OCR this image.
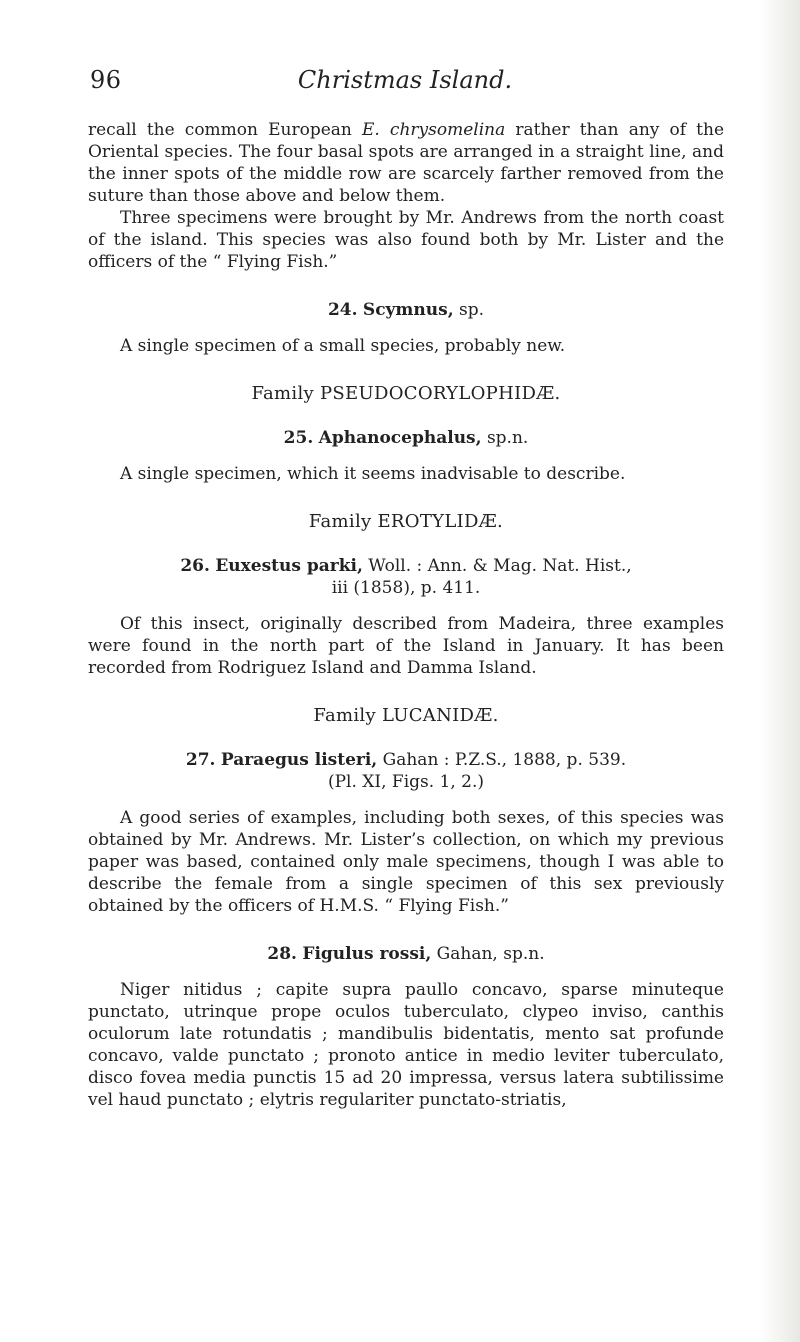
96	Christmas Island.

recall the common European E. chrysomelina rather than any of the Oriental species. The four basal spots are arranged in a straight line, and the inner spots of the middle row are scarcely farther removed from the suture than those above and below them.

Three specimens were brought by Mr. Andrews from the north coast of the island. This species was also found both by Mr. Lister and the officers of the “ Flying Fish.”

24. Scymnus, sp.

A single specimen of a small species, probably new.

Family PSEUDOCORYLOPHIDÆ.

25. Aphanocephalus, sp.n.

A single specimen, which it seems inadvisable to describe.

Family EROTYLIDÆ.

26. Euxestus parki, Woll. : Ann. & Mag. Nat. Hist.,
iii (1858), p. 411.

Of this insect, originally described from Madeira, three examples were found in the north part of the Island in January. It has been recorded from Rodriguez Island and Damma Island.

Family LUCANIDÆ.

27. Paraegus listeri, Gahan : P.Z.S., 1888, p. 539.
(Pl. XI, Figs. 1, 2.)

A good series of examples, including both sexes, of this species was obtained by Mr. Andrews. Mr. Lister’s collection, on which my previous paper was based, contained only male specimens, though I was able to describe the female from a single specimen of this sex previously obtained by the officers of H.M.S. “ Flying Fish.”

28. Figulus rossi, Gahan, sp.n.

Niger nitidus ; capite supra paullo concavo, sparse minuteque punctato, utrinque prope oculos tuberculato, clypeo inviso, canthis oculorum late rotundatis ; mandibulis bidentatis, mento sat profunde concavo, valde punctato ; pronoto antice in medio leviter tuberculato, disco fovea media punctis 15 ad 20 impressa, versus latera subtilissime vel haud punctato ; elytris regulariter punctato-striatis,
